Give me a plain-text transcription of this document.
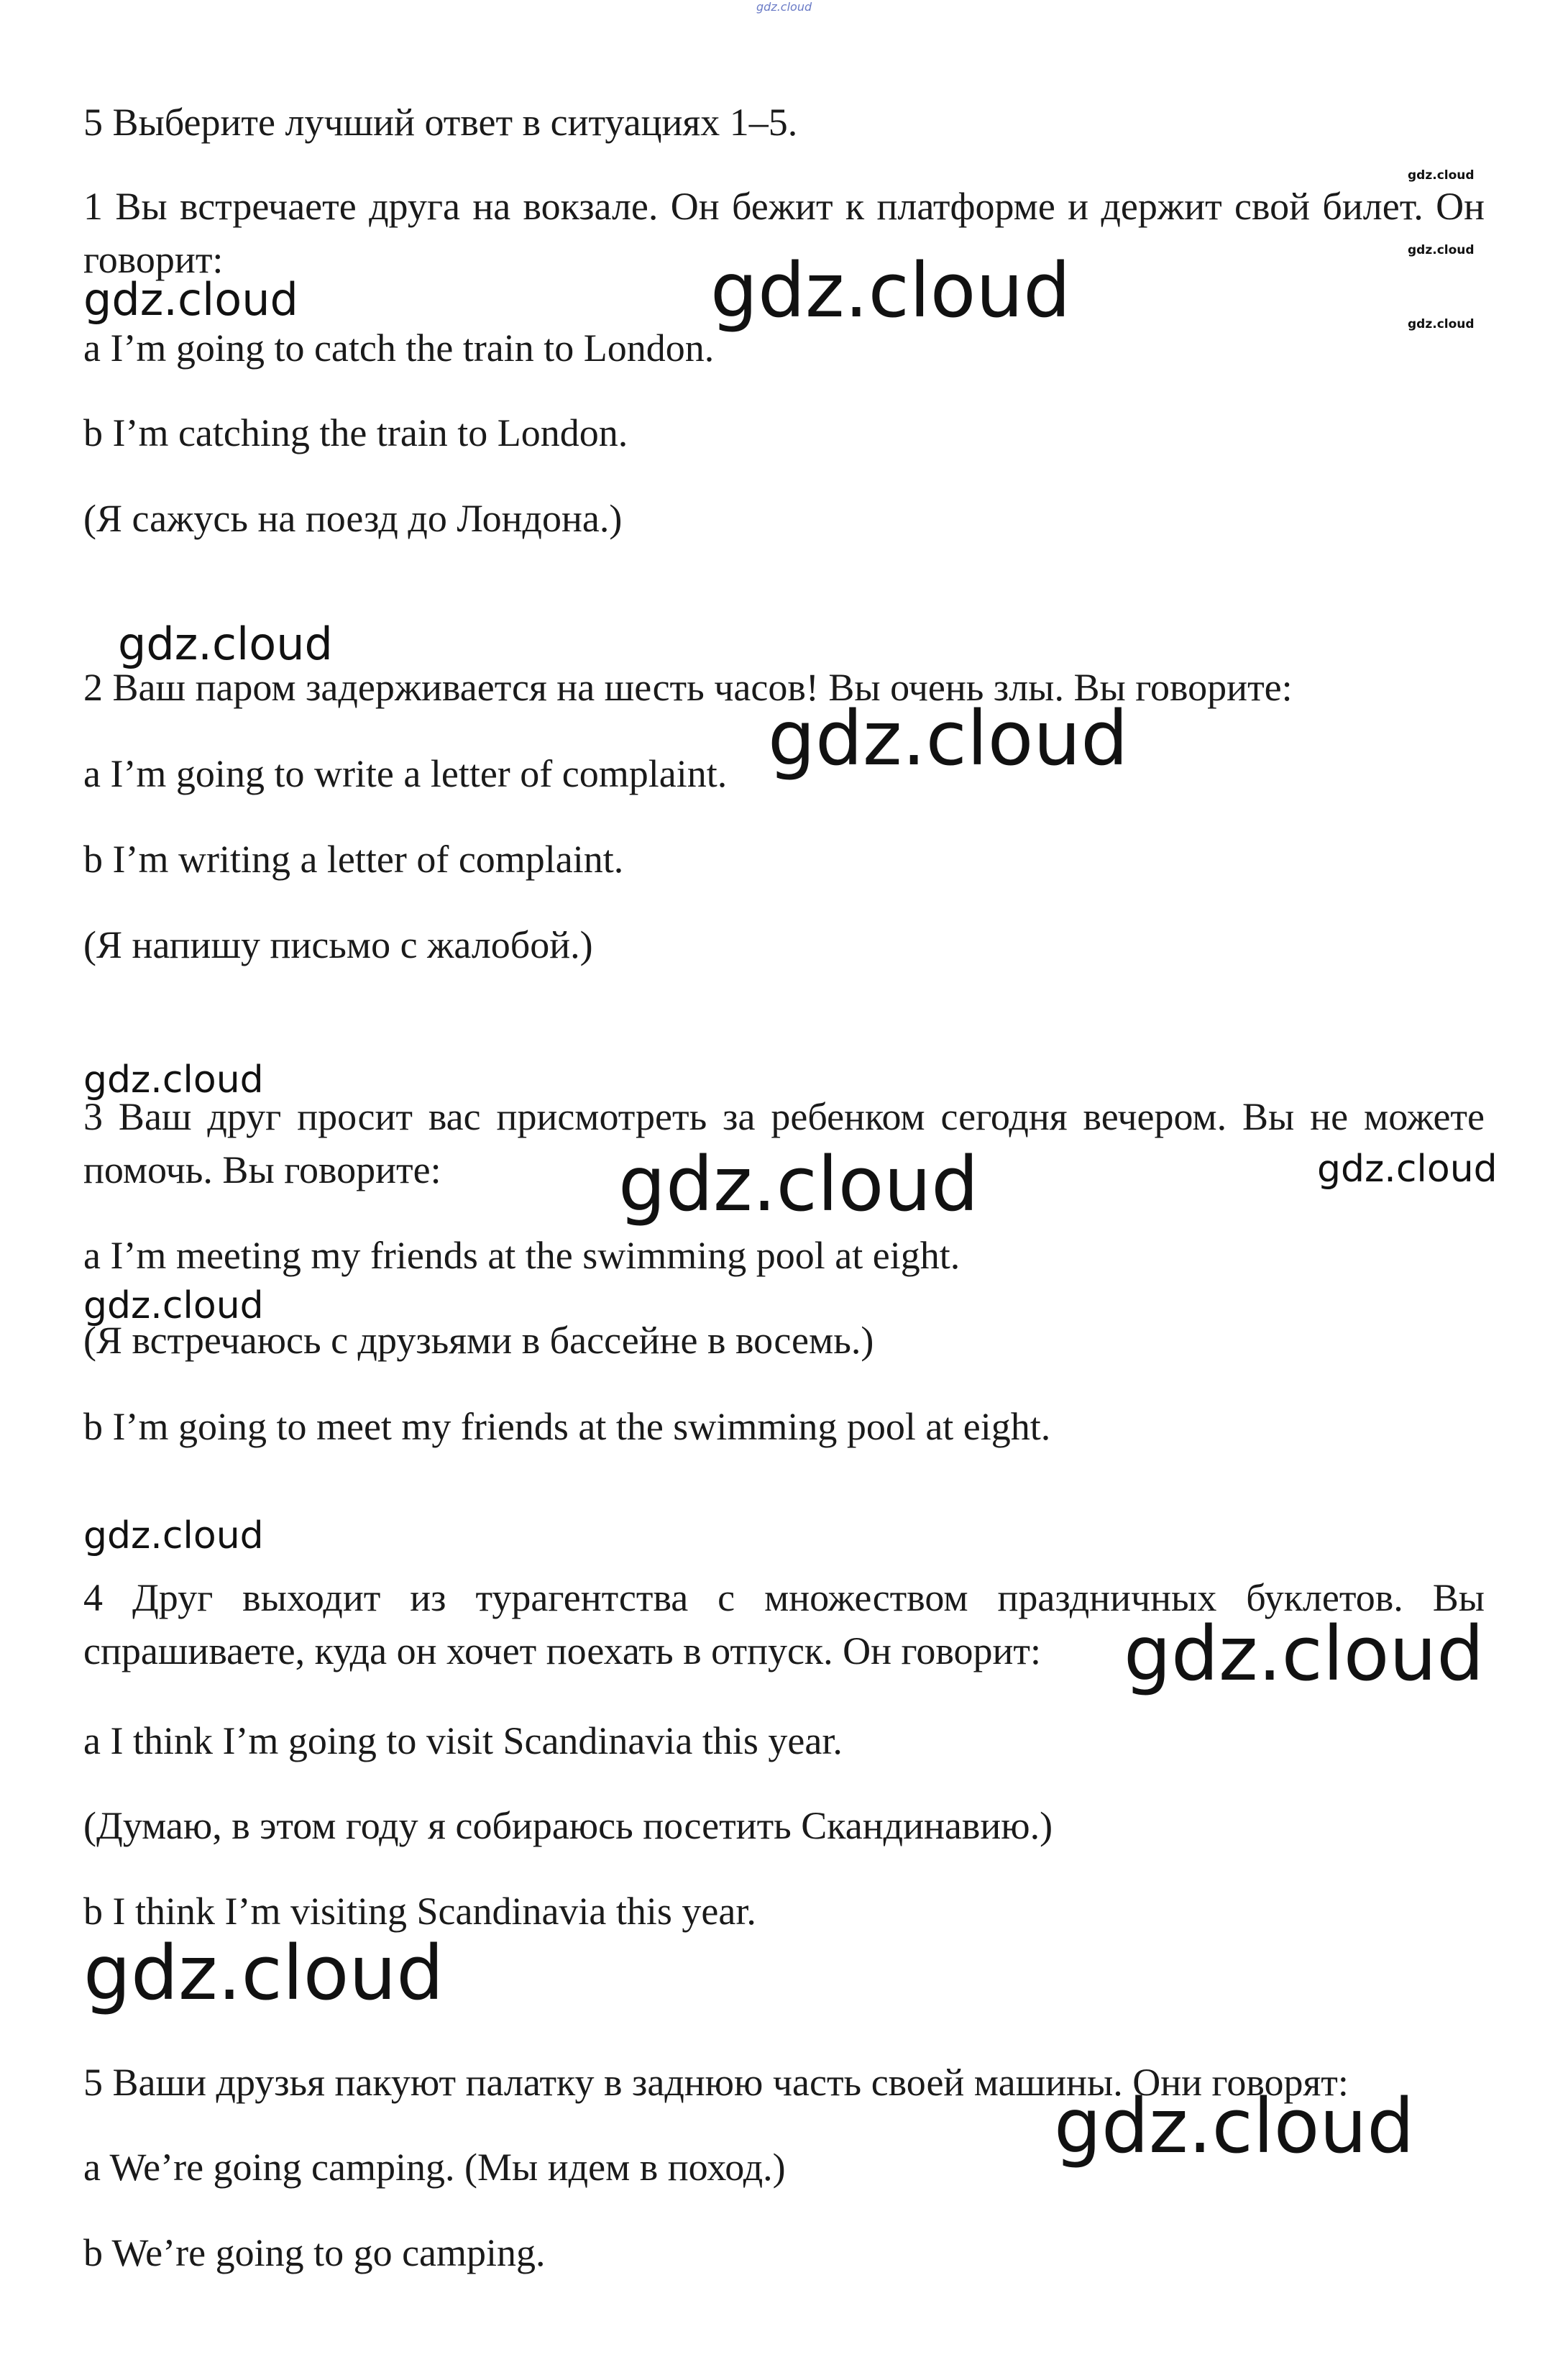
gdz.cloud
gdz.cloud
gdz.cloud
gdz.cloud
gdz.cloud	gdz.cloud
gdz.cloud
gdz.cloud
gdz.cloud
gdz.cloud
gdz.cloud
gdz.cloud
gdz.cloud
gdz.cloud
gdz.cloud
gdz.cloud
5 Выберите лучший ответ в ситуациях 1–5.
1 Вы встречаете друга на вокзале. Он бежит к платформе и держит свой билет. Он говорит:
a I’m going to catch the train to London.
b I’m catching the train to London.
(Я сажусь на поезд до Лондона.)
2 Ваш паром задерживается на шесть часов! Вы очень злы. Вы говорите:
a I’m going to write a letter of complaint.
b I’m writing a letter of complaint.
(Я напишу письмо с жалобой.)
3 Ваш друг просит вас присмотреть за ребенком сегодня вечером. Вы не можете помочь. Вы говорите:
a I’m meeting my friends at the swimming pool at eight.
(Я встречаюсь с друзьями в бассейне в восемь.)
b I’m going to meet my friends at the swimming pool at eight.
4 Друг выходит из турагентства с множеством праздничных буклетов. Вы спрашиваете, куда он хочет поехать в отпуск. Он говорит:
a I think I’m going to visit Scandinavia this year.
(Думаю, в этом году я собираюсь посетить Скандинавию.)
b I think I’m visiting Scandinavia this year.
5 Ваши друзья пакуют палатку в заднюю часть своей машины. Они говорят:
a We’re going camping. (Мы идем в поход.)
b We’re going to go camping.
